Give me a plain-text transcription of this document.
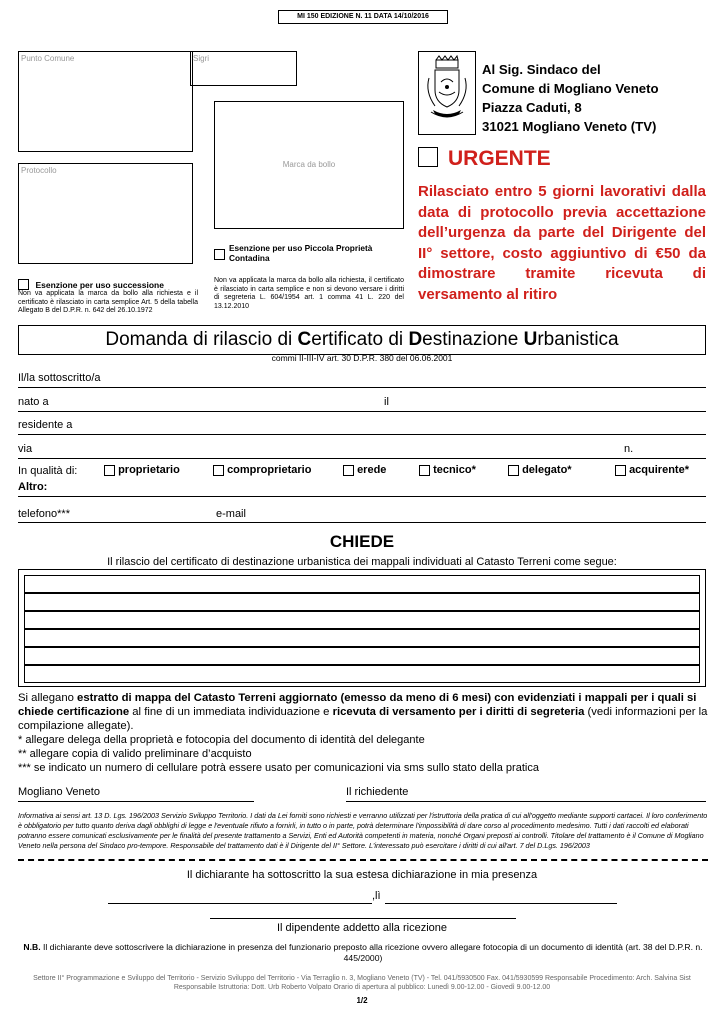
MI 150 EDIZIONE N. 11 DATA 14/10/2016
Punto Comune	Sigri
Protocollo
Marca da bollo
Esenzione per uso Piccola Proprietà Contadina
Non va applicata la marca da bollo alla richiesta, il certificato è rilasciato in carta semplice e non si devono versare i diritti di segreteria L. 604/1954 art. 1 comma 41 L. 220 del 13.12.2010
Esenzione per uso successione
Non va applicata la marca da bollo alla richiesta e il certificato è rilasciato in carta semplice Art. 5 della tabella Allegato B del D.P.R. n. 642 del 26.10.1972
Al Sig. Sindaco del
Comune di Mogliano Veneto
Piazza Caduti, 8
31021 Mogliano Veneto (TV)
URGENTE
Rilasciato entro 5 giorni lavorativi dalla data di protocollo previa accettazione dell’urgenza da parte del Dirigente del II° settore, costo aggiuntivo di €50 da dimostrare tramite ricevuta di versamento al ritiro
Domanda di rilascio di Certificato di Destinazione Urbanistica
commi II-III-IV art. 30 D.P.R. 380 del 06.06.2001
Il/la sottoscritto/a
nato a	il
residente a
via	n.
In qualità di:
Altro:
proprietario	comproprietario	erede	tecnico*	delegato*	acquirente*
telefono***	e-mail
CHIEDE
Il rilascio del certificato di destinazione urbanistica dei mappali individuati al Catasto Terreni come segue:
Si allegano estratto di mappa del Catasto Terreni aggiornato (emesso da meno di 6 mesi) con evidenziati i mappali per i quali si chiede certificazione al fine di un immediata individuazione e ricevuta di versamento per i diritti di segreteria (vedi informazioni per la compilazione allegate).
* allegare delega della proprietà e fotocopia del documento di identità del delegante
** allegare copia di valido preliminare d’acquisto
*** se indicato un numero di cellulare potrà essere usato per comunicazioni via sms sullo stato della pratica
Mogliano Veneto	Il richiedente
Informativa ai sensi art. 13 D. Lgs. 196/2003 Servizio Sviluppo Territorio. I dati da Lei forniti sono richiesti e verranno utilizzati per l'istruttoria della pratica di cui all'oggetto mediante supporti cartacei. Il loro conferimento è obbligatorio per tutto quanto deriva dagli obblighi di legge e l'eventuale rifiuto a fornirli, in tutto o in parte, potrà determinare l'impossibilità di dare corso al procedimento medesimo. Tutti i dati raccolti ed elaborati potranno essere comunicati esclusivamente per le finalità del presente trattamento a Servizi, Enti ed Autorità competenti in materia, nonché Organi preposti ai controlli. Titolare del trattamento è il Comune di Mogliano Veneto nella persona del Sindaco pro-tempore. Responsabile del trattamento dati è il Dirigente del II° Settore. L'interessato può esercitare i diritti di cui all'art. 7 del D.Lgs. 196/2003
Il dichiarante ha sottoscritto la sua estesa dichiarazione in mia presenza
,lì
Il dipendente addetto alla ricezione
N.B. Il dichiarante deve sottoscrivere la dichiarazione in presenza del funzionario preposto alla ricezione ovvero allegare fotocopia di un documento di identità (art. 38 del D.P.R. n. 445/2000)
Settore II° Programmazione e Sviluppo del Territorio - Servizio Sviluppo del Territorio - Via Terraglio n. 3, Mogliano Veneto (TV) - Tel. 041/5930500 Fax. 041/5930599 Responsabile Procedimento: Arch. Salvina Sist
Responsabile Istruttoria: Dott. Urb Roberto Volpato Orario di apertura al pubblico: Lunedì 9.00-12.00 - Giovedì 9.00-12.00
1/2
